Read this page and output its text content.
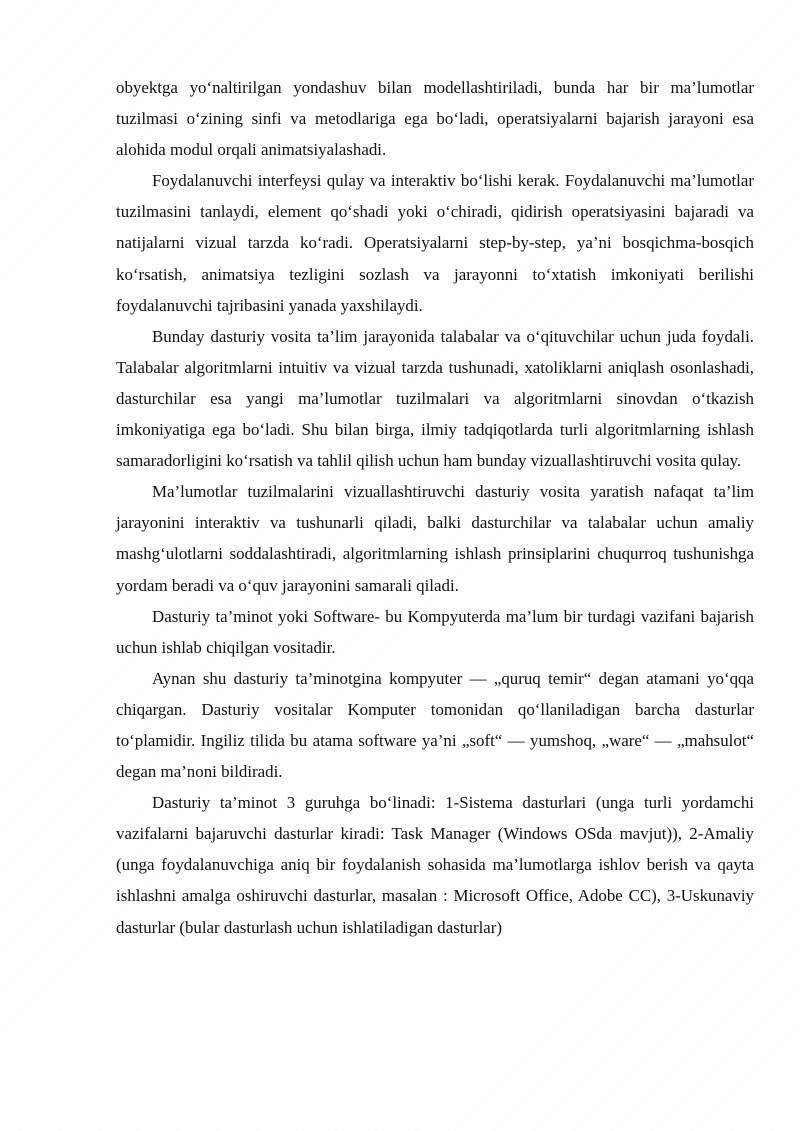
obyektga yo‘naltirilgan yondashuv bilan modellashtiriladi, bunda har bir ma’lumotlar tuzilmasi o‘zining sinfi va metodlariga ega bo‘ladi, operatsiyalarni bajarish jarayoni esa alohida modul orqali animatsiyalashadi.

Foydalanuvchi interfeysi qulay va interaktiv bo‘lishi kerak. Foydalanuvchi ma’lumotlar tuzilmasini tanlaydi, element qo‘shadi yoki o‘chiradi, qidirish operatsiyasini bajaradi va natijalarni vizual tarzda ko‘radi. Operatsiyalarni step-by-step, ya’ni bosqichma-bosqich ko‘rsatish, animatsiya tezligini sozlash va jarayonni to‘xtatish imkoniyati berilishi foydalanuvchi tajribasini yanada yaxshilaydi.

Bunday dasturiy vosita ta’lim jarayonida talabalar va o‘qituvchilar uchun juda foydali. Talabalar algoritmlarni intuitiv va vizual tarzda tushunadi, xatoliklarni aniqlash osonlashadi, dasturchilar esa yangi ma’lumotlar tuzilmalari va algoritmlarni sinovdan o‘tkazish imkoniyatiga ega bo‘ladi. Shu bilan birga, ilmiy tadqiqotlarda turli algoritmlarning ishlash samaradorligini ko‘rsatish va tahlil qilish uchun ham bunday vizuallashtiruvchi vosita qulay.

Ma’lumotlar tuzilmalarini vizuallashtiruvchi dasturiy vosita yaratish nafaqat ta’lim jarayonini interaktiv va tushunarli qiladi, balki dasturchilar va talabalar uchun amaliy mashg‘ulotlarni soddalashtiradi, algoritmlarning ishlash prinsiplarini chuqurroq tushunishga yordam beradi va o‘quv jarayonini samarali qiladi.

Dasturiy ta’minot yoki Software- bu Kompyuterda ma’lum bir turdagi vazifani bajarish uchun ishlab chiqilgan vositadir.

Aynan shu dasturiy ta’minotgina kompyuter — „quruq temir“ degan atamani yo‘qqa chiqargan. Dasturiy vositalar Komputer tomonidan qo‘llaniladigan barcha dasturlar to‘plamidir. Ingiliz tilida bu atama software ya’ni „soft“ — yumshoq, „ware“ — „mahsulot“ degan ma’noni bildiradi.

Dasturiy ta’minot 3 guruhga bo‘linadi: 1-Sistema dasturlari (unga turli yordamchi vazifalarni bajaruvchi dasturlar kiradi: Task Manager (Windows OSda mavjut)), 2-Amaliy (unga foydalanuvchiga aniq bir foydalanish sohasida ma’lumotlarga ishlov berish va qayta ishlashni amalga oshiruvchi dasturlar, masalan : Microsoft Office, Adobe CC), 3-Uskunaviy dasturlar (bular dasturlash uchun ishlatiladigan dasturlar)
